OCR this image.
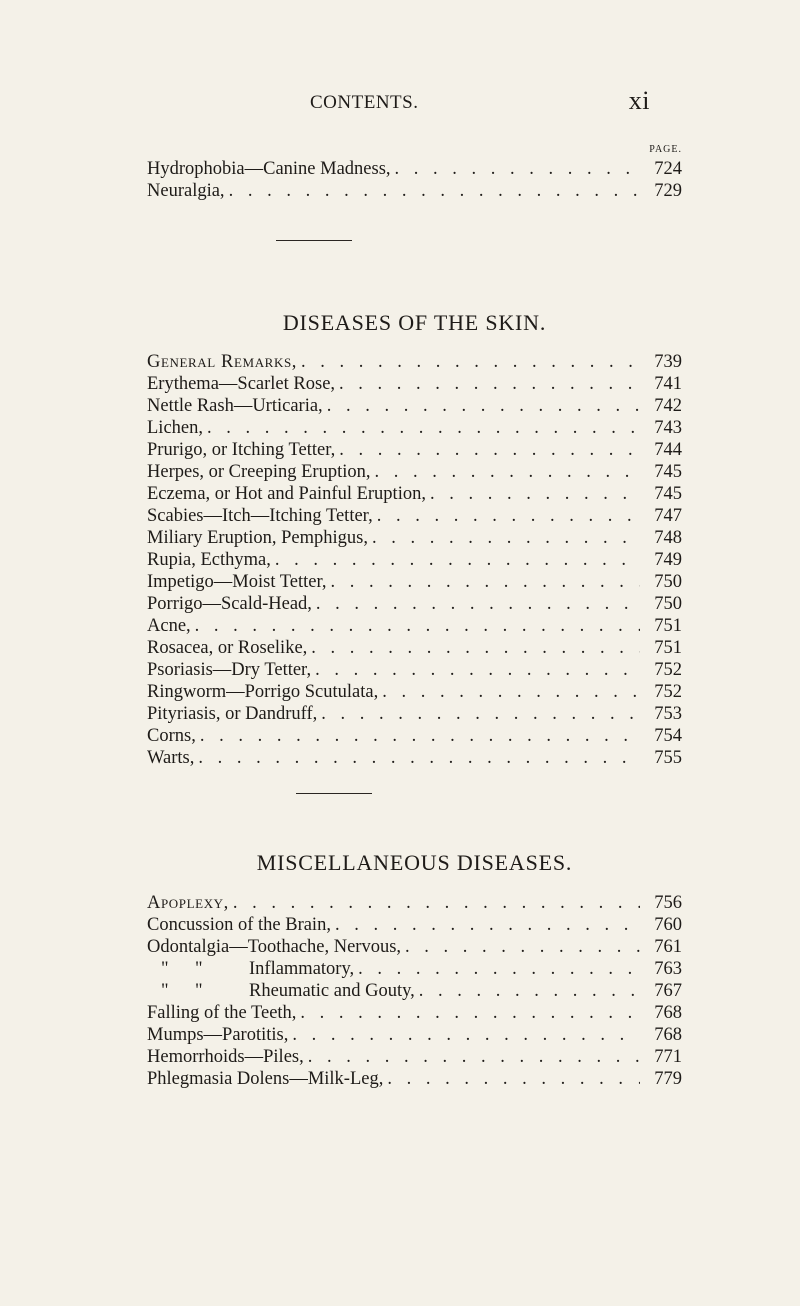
CONTENTS.	xi
PAGE.
Hydrophobia—Canine Madness, . . .	724
Neuralgia, . . .	729
DISEASES OF THE SKIN.
General Remarks, . . .	739
Erythema—Scarlet Rose, . . .	741
Nettle Rash—Urticaria, . . .	742
Lichen, . . .	743
Prurigo, or Itching Tetter, . . .	744
Herpes, or Creeping Eruption, . . .	745
Eczema, or Hot and Painful Eruption, . . .	745
Scabies—Itch—Itching Tetter, . . .	747
Miliary Eruption, Pemphigus, . . .	748
Rupia, Ecthyma, . . .	749
Impetigo—Moist Tetter, . . .	750
Porrigo—Scald-Head, . . .	750
Acne, . . .	751
Rosacea, or Roselike, . . .	751
Psoriasis—Dry Tetter, . . .	752
Ringworm—Porrigo Scutulata, . . .	752
Pityriasis, or Dandruff, . . .	753
Corns, . . .	754
Warts, . . .	755
MISCELLANEOUS DISEASES.
Apoplexy, . . .	756
Concussion of the Brain, . . .	760
Odontalgia—Toothache, Nervous, . . .	761
" "	Inflammatory, . . .	763
" "	Rheumatic and Gouty, . . .	767
Falling of the Teeth, . . .	768
Mumps—Parotitis, . . .	768
Hemorrhoids—Piles, . . .	771
Phlegmasia Dolens—Milk-Leg, . . .	779
